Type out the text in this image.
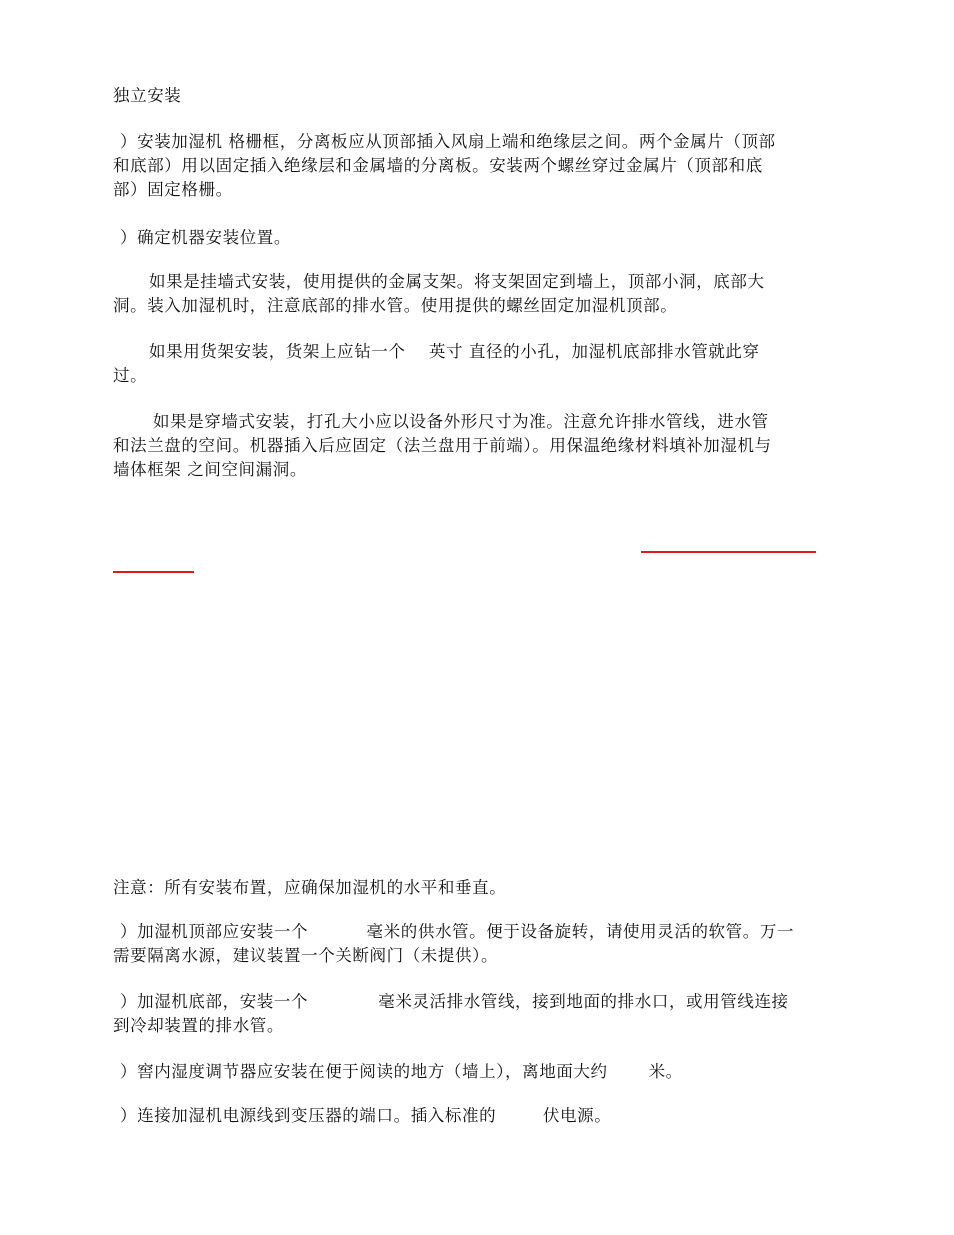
独立安装
）安装加湿机 格栅框，分离板应从顶部插入风扇上端和绝缘层之间。两个金属片（顶部
和底部）用以固定插入绝缘层和金属墙的分离板。安装两个螺丝穿过金属片（顶部和底
部）固定格栅。
）确定机器安装位置。
如果是挂墙式安装，使用提供的金属支架。将支架固定到墙上，顶部小洞，底部大
洞。装入加湿机时，注意底部的排水管。使用提供的螺丝固定加湿机顶部。
如果用货架安装，货架上应钻一个    英寸 直径的小孔，加湿机底部排水管就此穿
过。
如果是穿墙式安装，打孔大小应以设备外形尺寸为准。注意允许排水管线，进水管
和法兰盘的空间。机器插入后应固定（法兰盘用于前端）。用保温绝缘材料填补加湿机与
墙体框架 之间空间漏洞。
注意：所有安装布置，应确保加湿机的水平和垂直。
）加湿机顶部应安装一个          毫米的供水管。便于设备旋转，请使用灵活的软管。万一
需要隔离水源，建议装置一个关断阀门（未提供）。
）加湿机底部，安装一个            毫米灵活排水管线，接到地面的排水口，或用管线连接
到冷却装置的排水管。
）窖内湿度调节器应安装在便于阅读的地方（墙上），离地面大约       米。
）连接加湿机电源线到变压器的端口。插入标准的        伏电源。
